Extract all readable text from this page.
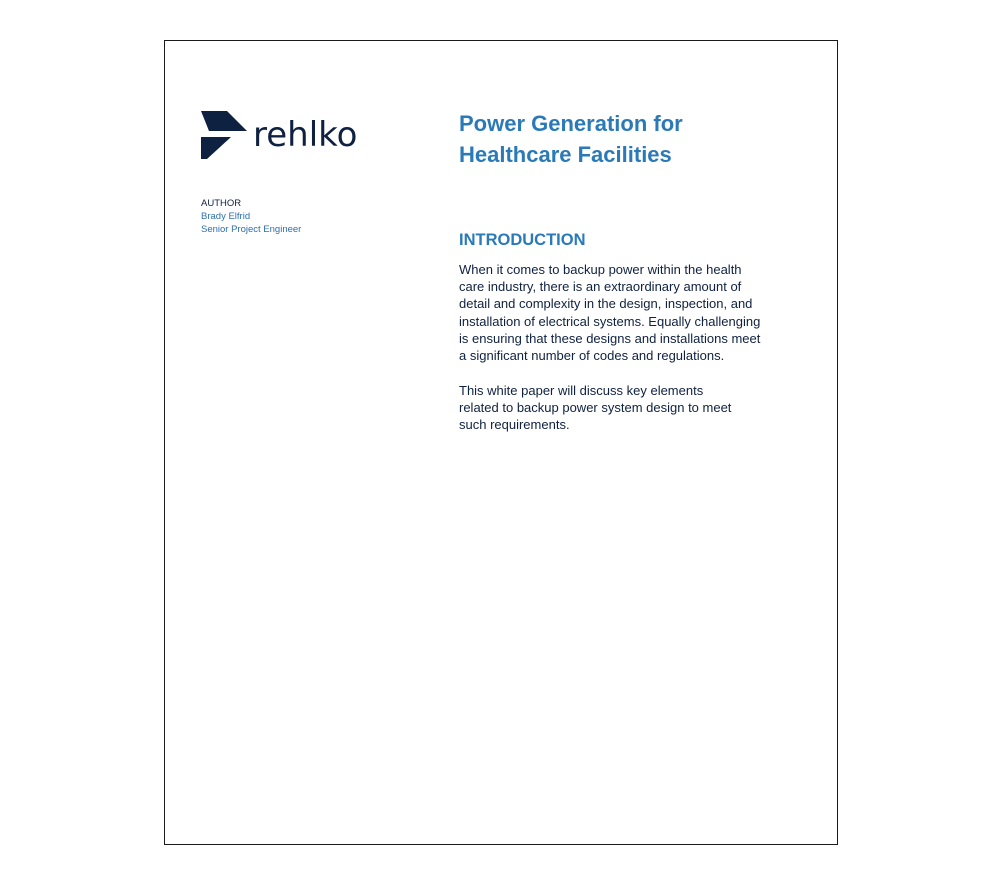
rehlko
AUTHOR
Brady Elfrid
Senior Project Engineer
Power Generation for
Healthcare Facilities
INTRODUCTION

When it comes to backup power within the health
care industry, there is an extraordinary amount of
detail and complexity in the design, inspection, and
installation of electrical systems. Equally challenging
is ensuring that these designs and installations meet
a significant number of codes and regulations.

This white paper will discuss key elements
related to backup power system design to meet
such requirements.
